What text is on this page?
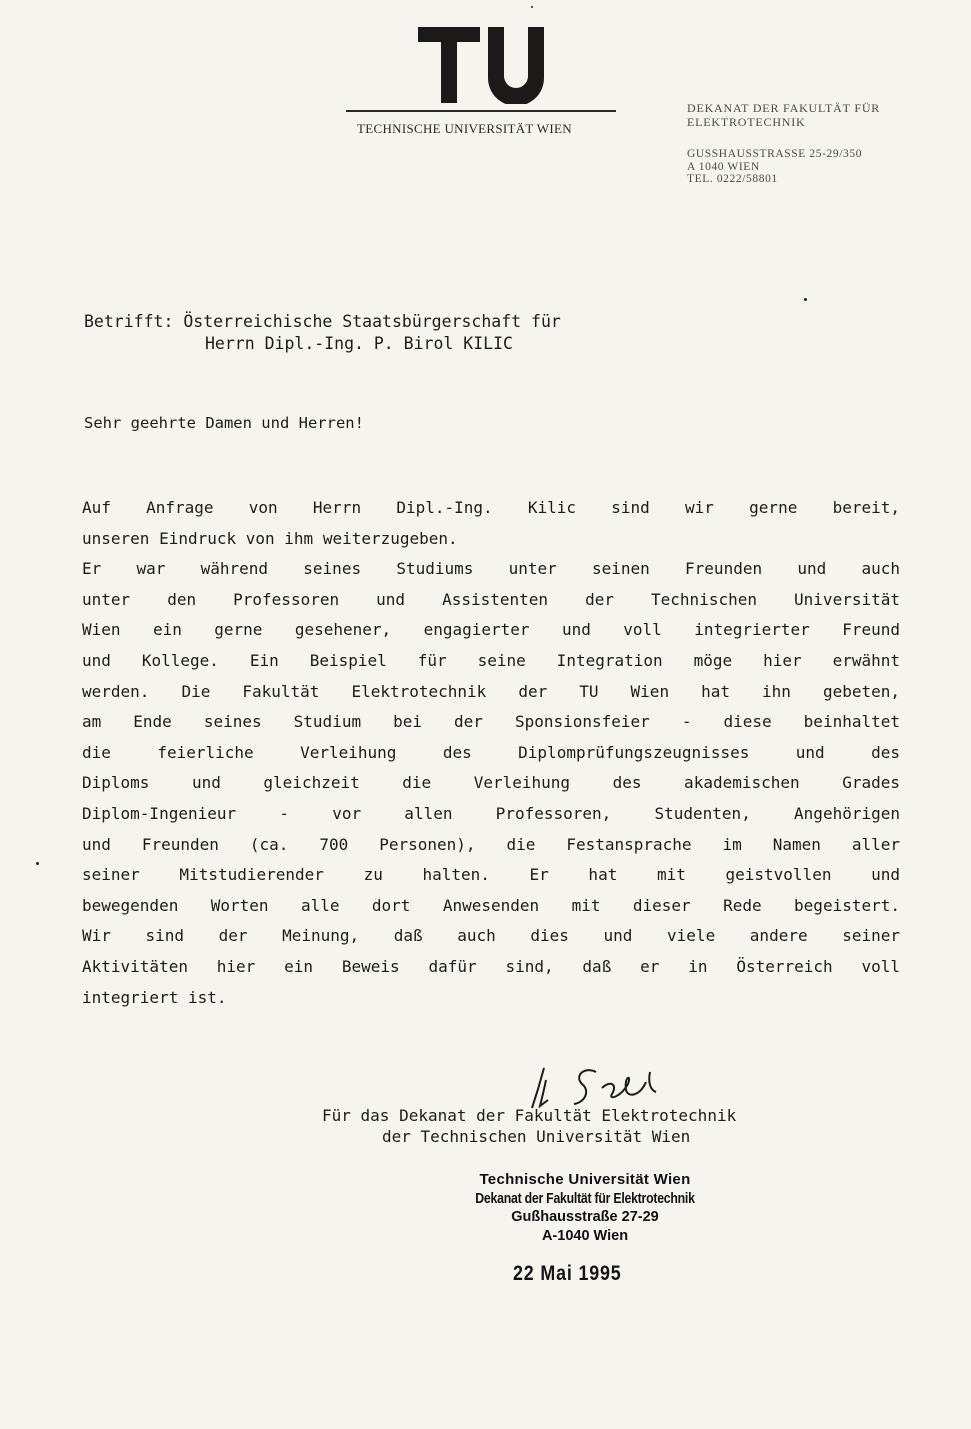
TECHNISCHE UNIVERSITÄT WIEN
DEKANAT DER FAKULTÄT FÜR
ELEKTROTECHNIK
GUSSHAUSSTRASSE 25-29/350
A 1040 WIEN
TEL. 0222/58801
Betrifft: Österreichische Staatsbürgerschaft für
Herrn Dipl.-Ing. P. Birol KILIC
Sehr geehrte Damen und Herren!
Auf Anfrage von Herrn Dipl.-Ing. Kilic sind wir gerne bereit,
unseren Eindruck von ihm weiterzugeben.
Er war während seines Studiums unter seinen Freunden und auch
unter den Professoren und Assistenten der Technischen Universität
Wien ein gerne gesehener, engagierter und voll integrierter Freund
und Kollege. Ein Beispiel für seine Integration möge hier erwähnt
werden. Die Fakultät Elektrotechnik der TU Wien hat ihn gebeten,
am Ende seines Studium bei der Sponsionsfeier - diese beinhaltet
die feierliche Verleihung des Diplomprüfungszeugnisses und des
Diploms und gleichzeit die Verleihung des akademischen Grades
Diplom-Ingenieur - vor allen Professoren, Studenten, Angehörigen
und Freunden (ca. 700 Personen), die Festansprache im Namen aller
seiner Mitstudierender zu halten. Er hat mit geistvollen und
bewegenden Worten alle dort Anwesenden mit dieser Rede begeistert.
Wir sind der Meinung, daß auch dies und viele andere seiner
Aktivitäten hier ein Beweis dafür sind, daß er in Österreich voll
integriert ist.
Für das Dekanat der Fakultät Elektrotechnik
der Technischen Universität Wien
Technische Universität Wien
Dekanat der Fakultät für Elektrotechnik
Gußhausstraße 27-29
A-1040 Wien
22 Mai 1995
